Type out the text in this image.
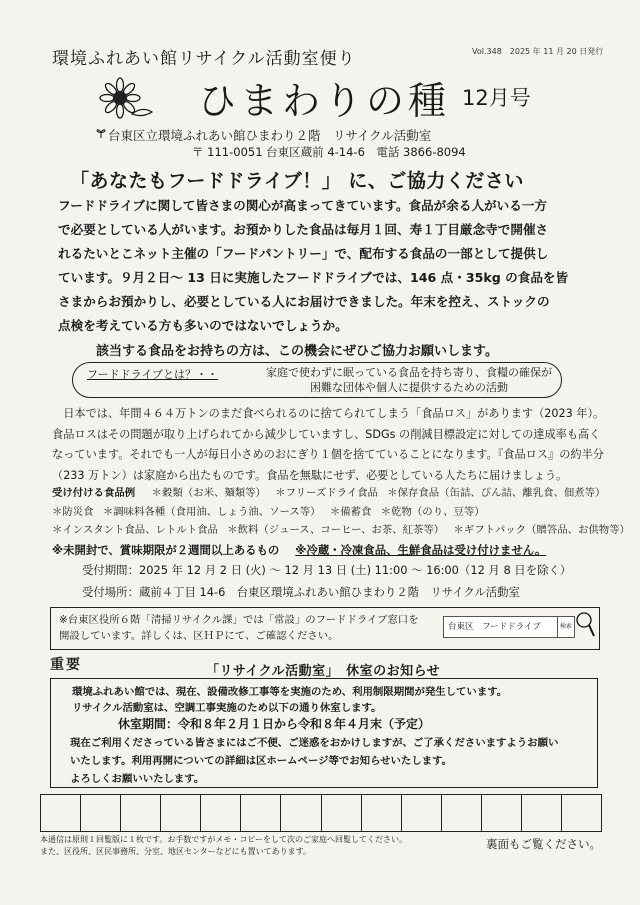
環境ふれあい館リサイクル活動室便り	Vol.348　2025 年 11 月 20 日発行
ひまわりの種 12月号
台東区立環境ふれあい館ひまわり２階　リサイクル活動室
〒 111-0051 台東区蔵前 4-14-6　電話 3866-8094
「あなたもフードドライブ！」 に、ご協力ください
フードドライブに関して皆さまの関心が高まってきています。食品が余る人がいる一方
で必要としている人がいます。お預かりした食品は毎月１回、寿１丁目厳念寺で開催さ
れるたいとこネット主催の「フードパントリー」で、配布する食品の一部として提供し
ています。９月２日～ 13 日に実施したフードドライブでは、146 点・35kg の食品を皆
さまからお預かりし、必要としている人にお届けできました。年末を控え、ストックの
点検を考えている方も多いのではないでしょうか。
該当する食品をお持ちの方は、この機会にぜひご協力お願いします。
フードドライブとは？・・	家庭で使わずに眠っている食品を持ち寄り、食糧の確保が
困難な団体や個人に提供するための活動
　日本では、年間４６４万トンのまだ食べられるのに捨てられてしまう「食品ロス」があります（2023 年）。
食品ロスはその問題が取り上げられてから減少していますし、SDGs の削減目標設定に対しての達成率も高く
なっています。それでも一人が毎日小さめのおにぎり１個を捨てていることになります。『食品ロス』の約半分
（233 万トン）は家庭から出たものです。食品を無駄にせず、必要としている人たちに届けましょう。
受け付ける食品例 ＊穀類（お米、麺類等） ＊フリーズドライ食品 ＊保存食品（缶詰、びん詰、離乳食、佃煮等）
＊防災食 ＊調味料各種（食用油、しょう油、ソース等） ＊備蓄食 ＊乾物（のり、豆等）
＊インスタント食品、レトルト食品 ＊飲料（ジュース、コーヒー、お茶、紅茶等） ＊ギフトパック（贈答品、お供物等）
※未開封で、賞味期限が２週間以上あるもの ※冷蔵・冷凍食品、生鮮食品は受け付けません。
受付期間：2025 年 12 月 2 日 (火) ～ 12 月 13 日 (土) 11:00 ～ 16:00（12 月 8 日を除く）
受付場所：蔵前４丁目 14-6　台東区環境ふれあい館ひまわり２階　リサイクル活動室
※台東区役所６階「清掃リサイクル課」では「常設」のフードドライブ窓口を
開設しています。詳しくは、区ＨＰにて、ご確認ください。
台東区　フードドライブ	検索
重要	「リサイクル活動室」　休室のお知らせ
環境ふれあい館では、現在、設備改修工事等を実施のため、利用制限期間が発生しています。
リサイクル活動室は、空調工事実施のため以下の通り休室します。
休室期間：令和８年２月１日から令和８年４月末（予定）
現在ご利用くださっている皆さまにはご不便、ご迷惑をおかけしますが、ご了承くださいますようお願い
いたします。利用再開についての詳細は区ホームページ等でお知らせいたします。
よろしくお願いいたします。
本通信は原則１回覧版に１枚です。お手数ですがメモ・コピーをして次のご家庭へ回覧してください。
また、区役所、区民事務所、分室、地区センターなどにも置いてあります。
裏面もご覧ください。
